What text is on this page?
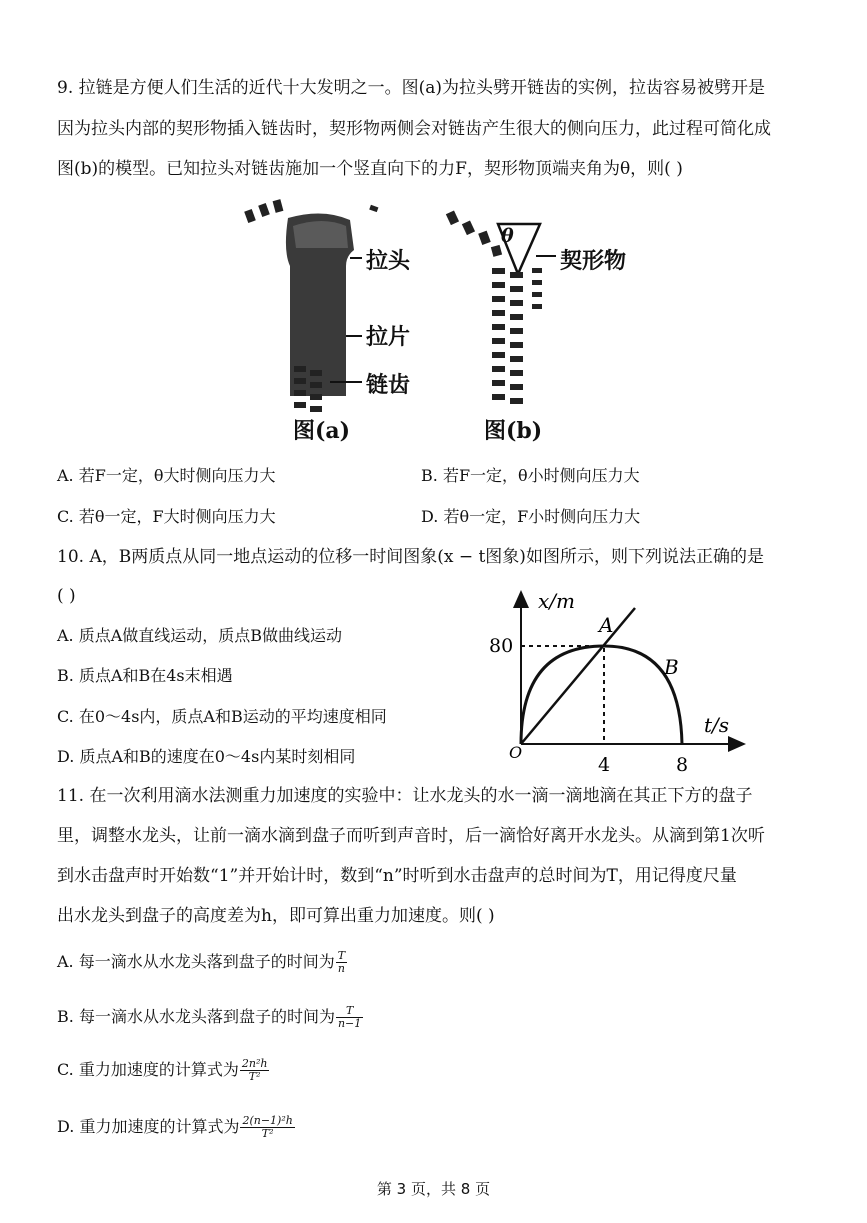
9. 拉链是方便人们生活的近代十大发明之一。图(a)为拉头劈开链齿的实例，拉齿容易被劈开是
因为拉头内部的契形物插入链齿时，契形物两侧会对链齿产生很大的侧向压力，此过程可简化成
图(b)的模型。已知拉头对链齿施加一个竖直向下的力F，契形物顶端夹角为θ，则( )
拉头
拉片
链齿
图(a)
θ
契形物
图(b)
A. 若F一定，θ大时侧向压力大	B. 若F一定，θ小时侧向压力大
C. 若θ一定，F大时侧向压力大	D. 若θ一定，F小时侧向压力大
10. A，B两质点从同一地点运动的位移一时间图象(x − t图象)如图所示，则下列说法正确的是
( )
A. 质点A做直线运动，质点B做曲线运动
B. 质点A和B在4s末相遇
C. 在0～4s内，质点A和B运动的平均速度相同
D. 质点A和B的速度在0～4s内某时刻相同
x/m
t/s
O
80
4	8
A
B
11. 在一次利用滴水法测重力加速度的实验中：让水龙头的水一滴一滴地滴在其正下方的盘子
里，调整水龙头，让前一滴水滴到盘子而听到声音时，后一滴恰好离开水龙头。从滴到第1次听
到水击盘声时开始数“1”并开始计时，数到“n”时听到水击盘声的总时间为T，用记得度尺量
出水龙头到盘子的高度差为h，即可算出重力加速度。则( )
A. 每一滴水从水龙头落到盘子的时间为 $\frac{T}{n}$
B. 每一滴水从水龙头落到盘子的时间为 $\frac{T}{n-1}$
C. 重力加速度的计算式为 $\frac{\text{2n²h}}{\text{T²}}$
D. 重力加速度的计算式为 $\frac{\text{2(n−1)²h}}{\text{T²}}$
第 3 页，共 8 页
